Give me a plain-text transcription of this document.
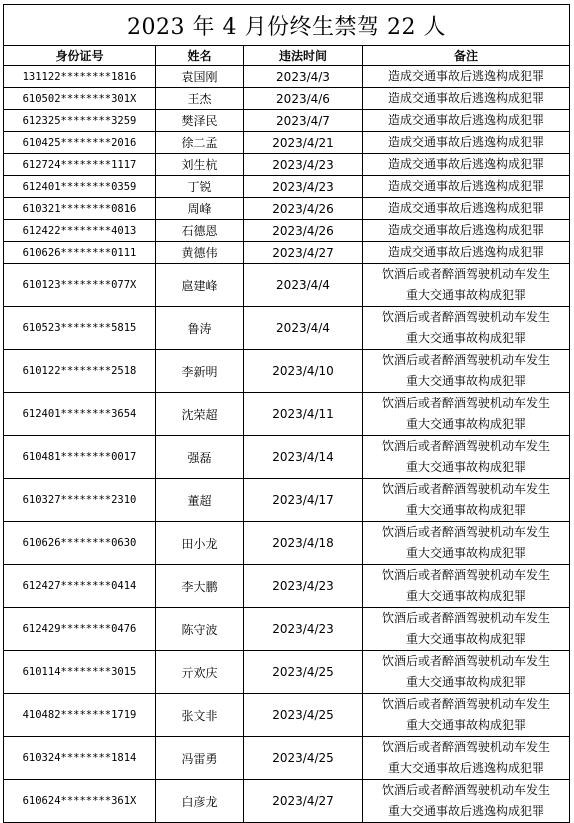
2023 年 4 月份终生禁驾 22 人			
身份证号	姓名	违法时间	备注
131122********1816	袁国刚	2023/4/3	造成交通事故后逃逸构成犯罪
610502********301X	王杰	2023/4/6	造成交通事故后逃逸构成犯罪
612325********3259	樊泽民	2023/4/7	造成交通事故后逃逸构成犯罪
610425********2016	徐二孟	2023/4/21	造成交通事故后逃逸构成犯罪
612724********1117	刘生杭	2023/4/23	造成交通事故后逃逸构成犯罪
612401********0359	丁锐	2023/4/23	造成交通事故后逃逸构成犯罪
610321********0816	周峰	2023/4/26	造成交通事故后逃逸构成犯罪
612422********4013	石德恩	2023/4/26	造成交通事故后逃逸构成犯罪
610626********0111	黄德伟	2023/4/27	造成交通事故后逃逸构成犯罪
610123********077X	扈建峰	2023/4/4	饮酒后或者醉酒驾驶机动车发生
重大交通事故构成犯罪
610523********5815	鲁涛	2023/4/4	饮酒后或者醉酒驾驶机动车发生
重大交通事故构成犯罪
610122********2518	李新明	2023/4/10	饮酒后或者醉酒驾驶机动车发生
重大交通事故构成犯罪
612401********3654	沈荣超	2023/4/11	饮酒后或者醉酒驾驶机动车发生
重大交通事故构成犯罪
610481********0017	强磊	2023/4/14	饮酒后或者醉酒驾驶机动车发生
重大交通事故构成犯罪
610327********2310	董超	2023/4/17	饮酒后或者醉酒驾驶机动车发生
重大交通事故构成犯罪
610626********0630	田小龙	2023/4/18	饮酒后或者醉酒驾驶机动车发生
重大交通事故构成犯罪
612427********0414	李大鹏	2023/4/23	饮酒后或者醉酒驾驶机动车发生
重大交通事故构成犯罪
612429********0476	陈守波	2023/4/23	饮酒后或者醉酒驾驶机动车发生
重大交通事故构成犯罪
610114********3015	亓欢庆	2023/4/25	饮酒后或者醉酒驾驶机动车发生
重大交通事故构成犯罪
410482********1719	张文非	2023/4/25	饮酒后或者醉酒驾驶机动车发生
重大交通事故构成犯罪
610324********1814	冯雷勇	2023/4/25	饮酒后或者醉酒驾驶机动车发生
重大交通事故后逃逸构成犯罪
610624********361X	白彦龙	2023/4/27	饮酒后或者醉酒驾驶机动车发生
重大交通事故后逃逸构成犯罪
